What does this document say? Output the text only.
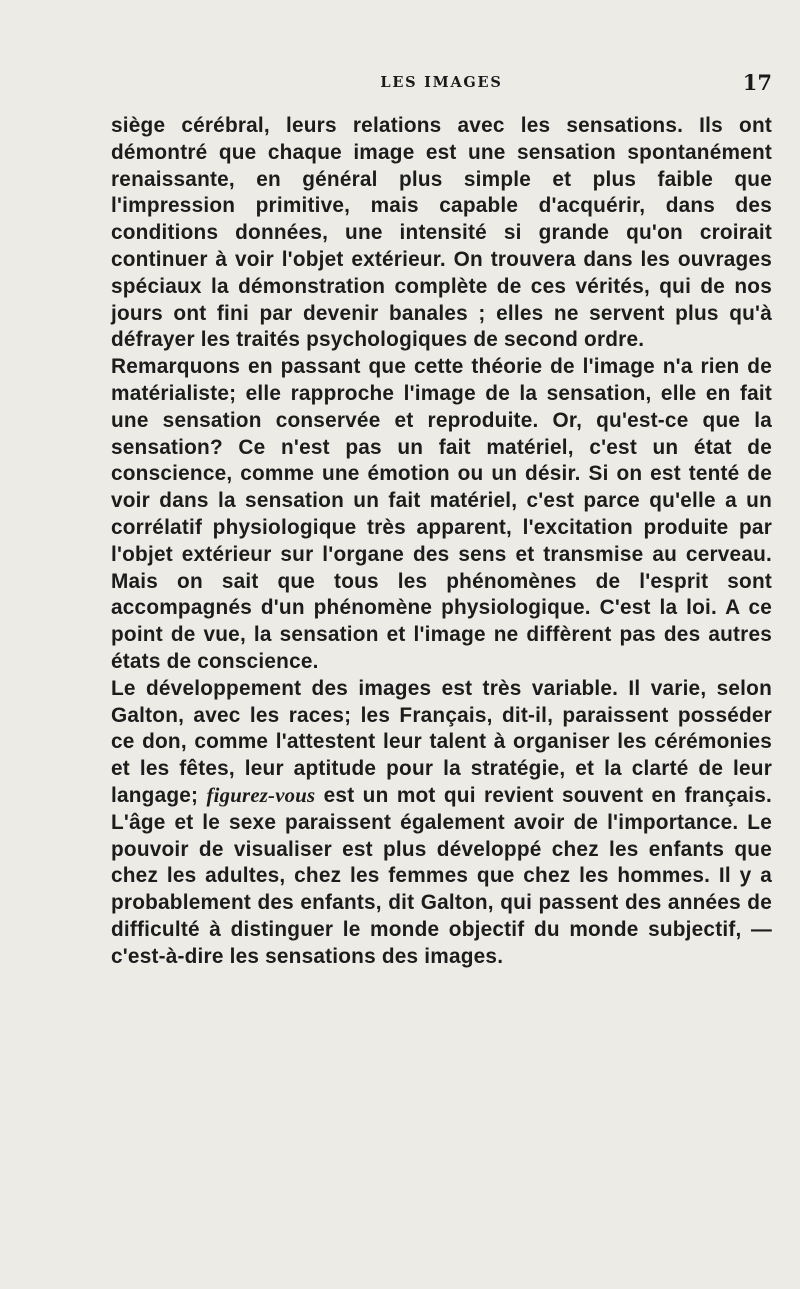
LES IMAGES	17

siège cérébral, leurs relations avec les sensations. Ils ont démontré que chaque image est une sensation spontanément renaissante, en général plus simple et plus faible que l'impression primitive, mais capable d'acquérir, dans des conditions données, une intensité si grande qu'on croirait continuer à voir l'objet extérieur. On trouvera dans les ouvrages spéciaux la démonstration complète de ces vérités, qui de nos jours ont fini par devenir banales ; elles ne servent plus qu'à défrayer les traités psychologiques de second ordre.

Remarquons en passant que cette théorie de l'image n'a rien de matérialiste; elle rapproche l'image de la sensation, elle en fait une sensation conservée et reproduite. Or, qu'est-ce que la sensation? Ce n'est pas un fait matériel, c'est un état de conscience, comme une émotion ou un désir. Si on est tenté de voir dans la sensation un fait matériel, c'est parce qu'elle a un corrélatif physiologique très apparent, l'excitation produite par l'objet extérieur sur l'organe des sens et transmise au cerveau. Mais on sait que tous les phénomènes de l'esprit sont accompagnés d'un phénomène physiologique. C'est la loi. A ce point de vue, la sensation et l'image ne diffèrent pas des autres états de conscience.

Le développement des images est très variable. Il varie, selon Galton, avec les races; les Français, dit-il, paraissent posséder ce don, comme l'attestent leur talent à organiser les cérémonies et les fêtes, leur aptitude pour la stratégie, et la clarté de leur langage; figurez-vous est un mot qui revient souvent en français. L'âge et le sexe paraissent également avoir de l'importance. Le pouvoir de visualiser est plus développé chez les enfants que chez les adultes, chez les femmes que chez les hommes. Il y a probablement des enfants, dit Galton, qui passent des années de difficulté à distinguer le monde objectif du monde subjectif, — c'est-à-dire les sensations des images.
